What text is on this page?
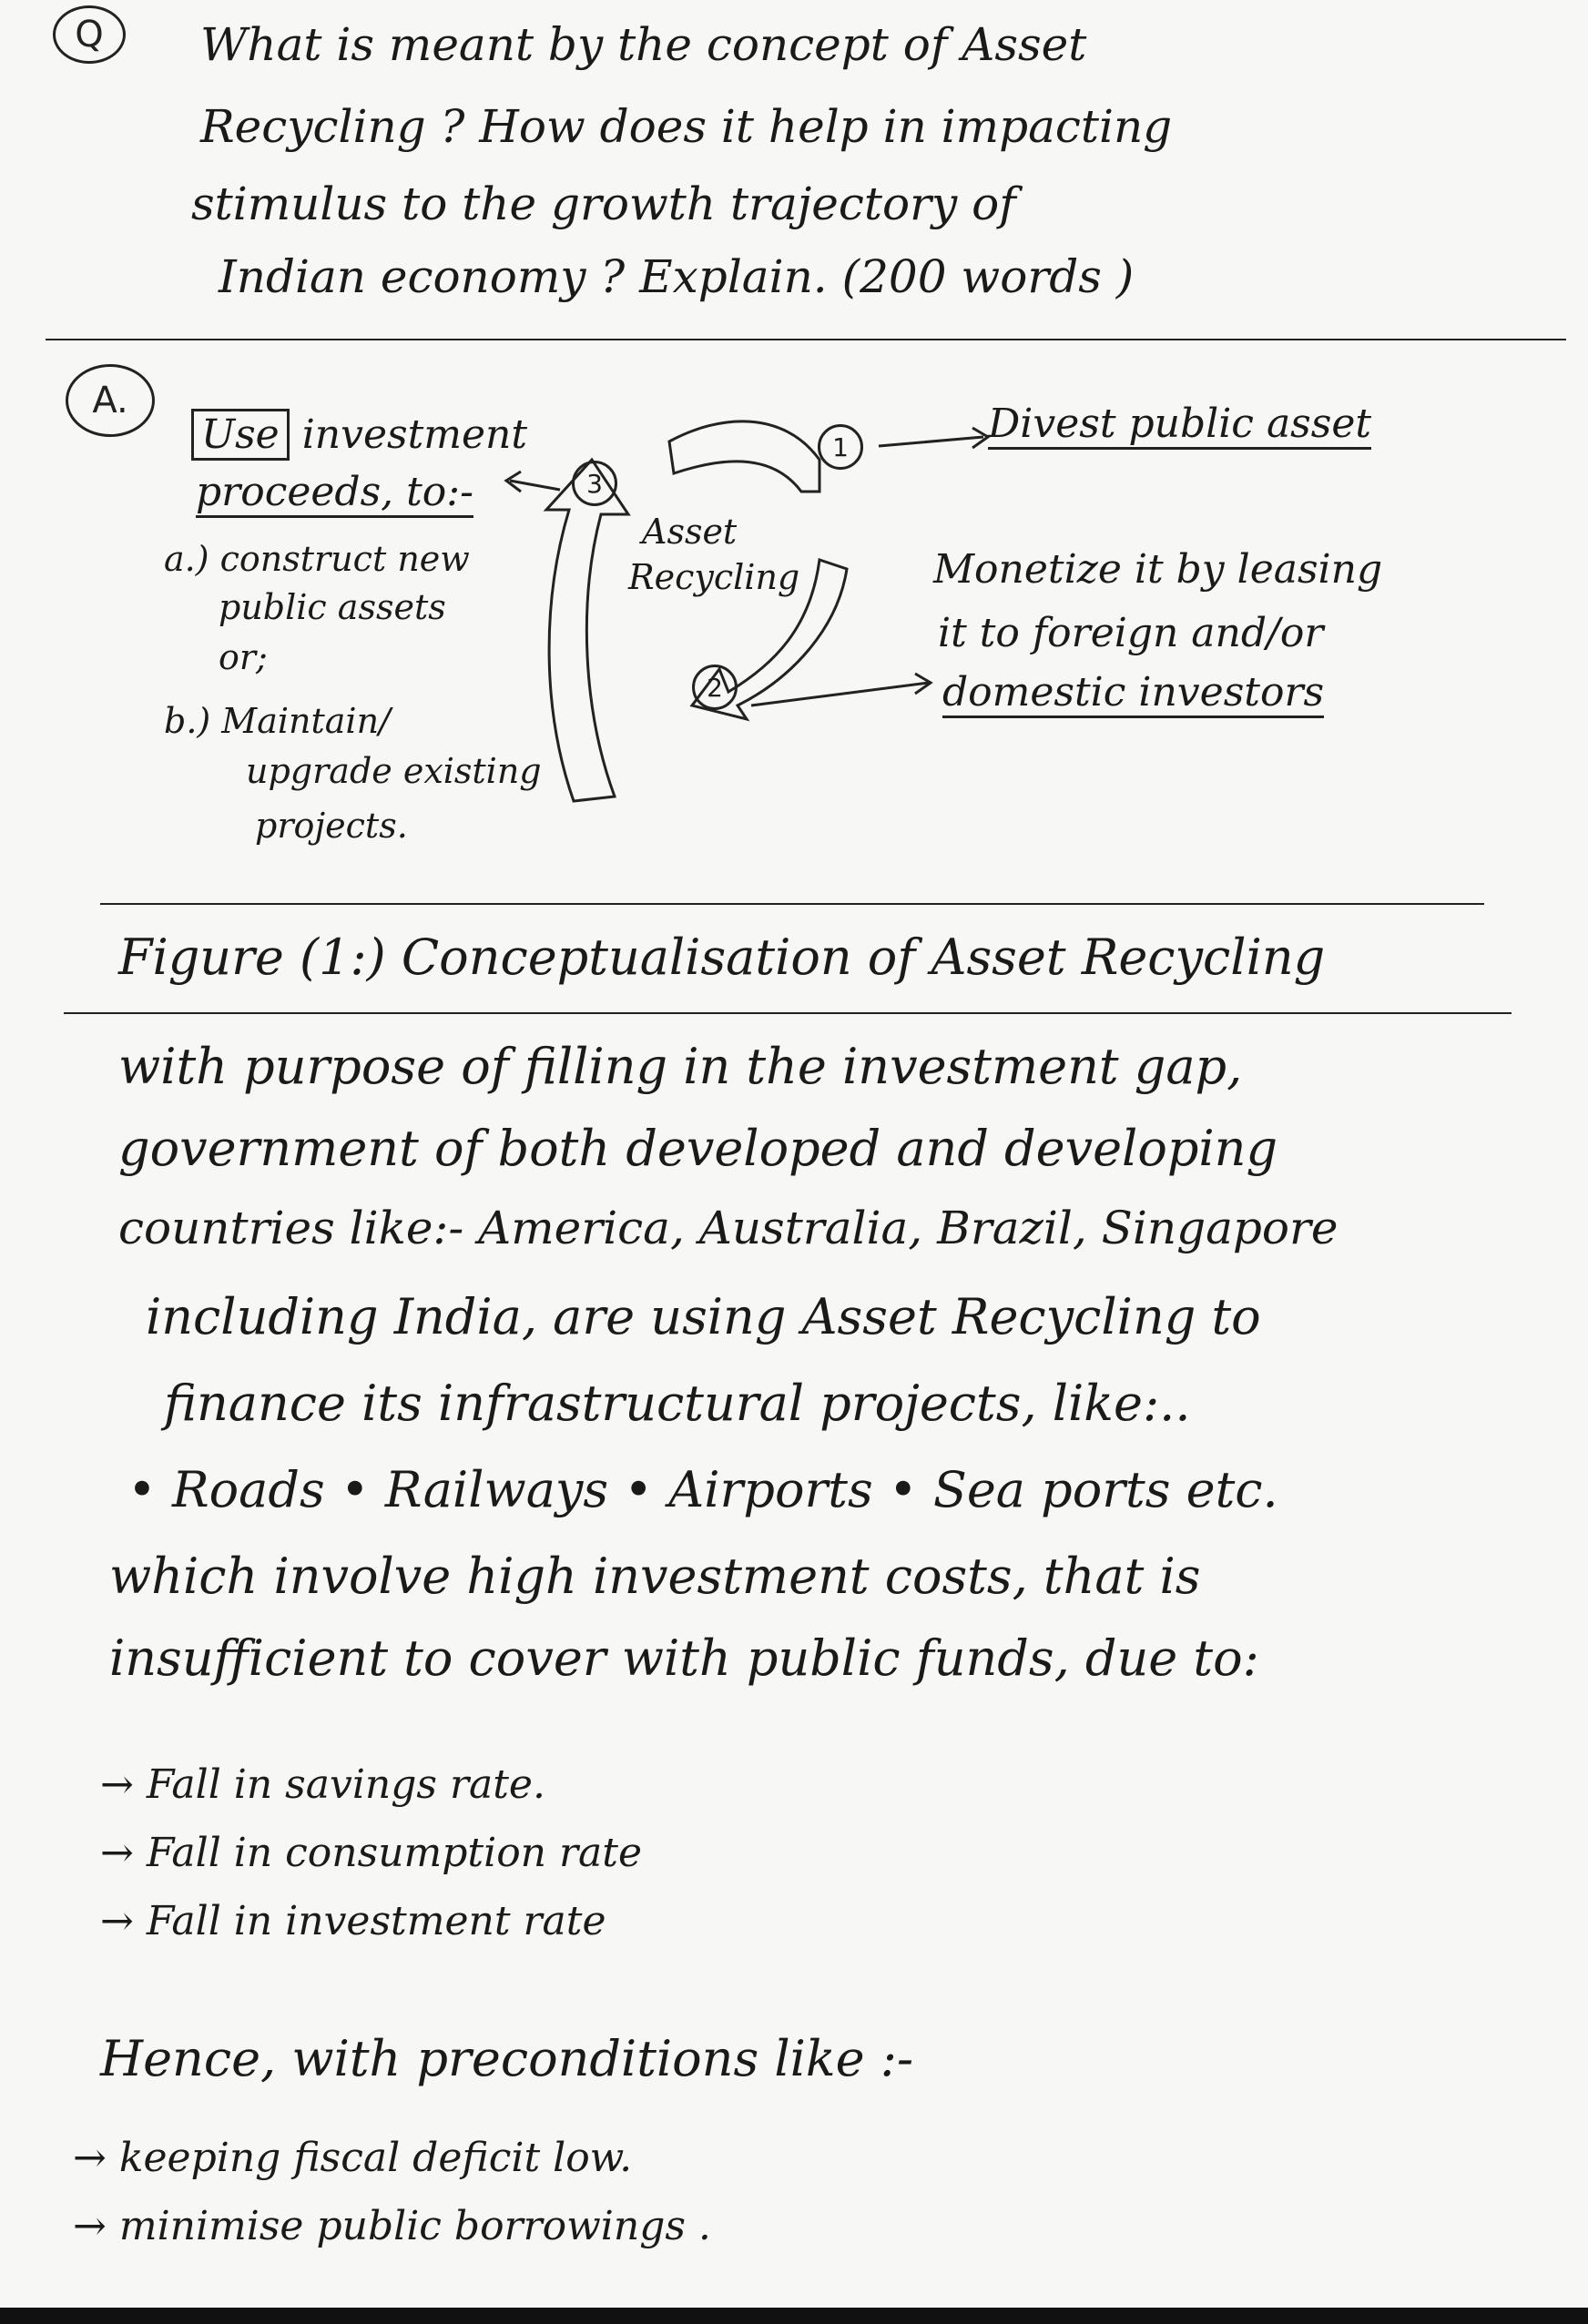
Q What is meant by the concept of Asset
Recycling ? How does it help in impacting
stimulus to the growth trajectory of
Indian economy ? Explain. (200 words )
A.
1
2
3
Use investment
proceeds, to:-
a.) construct new
public assets
or;
b.) Maintain/
upgrade existing
projects.
Asset
Recycling
Divest public asset
Monetize it by leasing
it to foreign and/or
domestic investors
Figure (1:) Conceptualisation of Asset Recycling
with purpose of filling in the investment gap,
government of both developed and developing
countries like:- America, Australia, Brazil, Singapore
including India, are using Asset Recycling to
finance its infrastructural projects, like:..
• Roads • Railways • Airports • Sea ports etc.
which involve high investment costs, that is
insufficient to cover with public funds, due to:
→ Fall in savings rate.
→ Fall in consumption rate
→ Fall in investment rate
Hence, with preconditions like :-
→ keeping fiscal deficit low.
→ minimise public borrowings .
